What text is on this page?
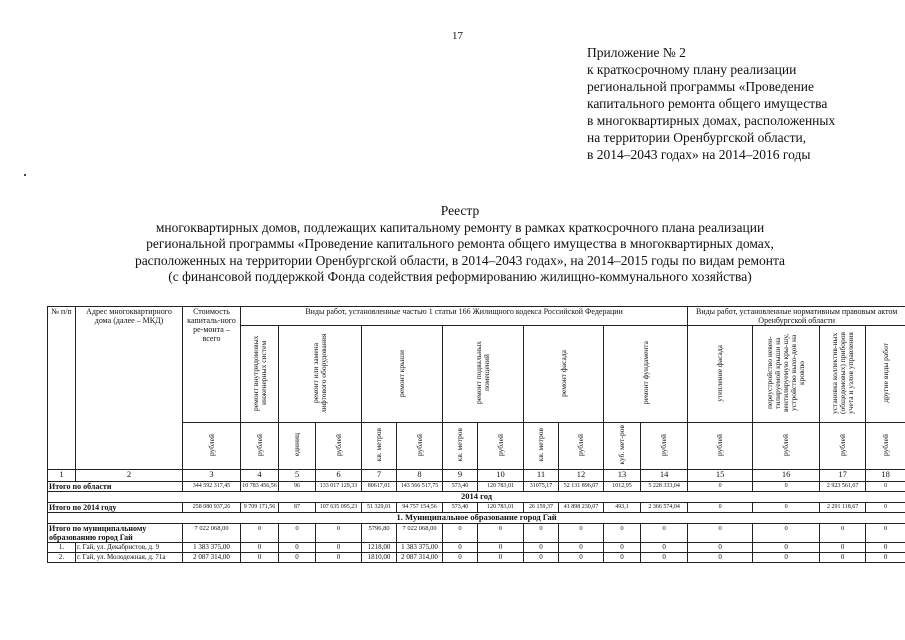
17
Приложение № 2
к краткосрочному плану реализации
региональной программы «Проведение
капитального ремонта общего имущества
в многоквартирных домах, расположенных
на территории Оренбургской области,
в 2014–2043 годах» на 2014–2016 годы
Реестр
многоквартирных домов, подлежащих капитальному ремонту в рамках краткосрочного плана реализации
региональной программы «Проведение капитального ремонта общего имущества в многоквартирных домах,
расположенных на территории Оренбургской области, в 2014–2043 годах», на 2014–2015 годы по видам ремонта
(с финансовой поддержкой Фонда содействия реформированию жилищно-коммунального хозяйства)
№ п/п	Адрес многоквартирного дома (далее – МКД)	Стоимость капиталь-ного ре-монта – всего	Виды работ, установленные частью 1 статьи 166 Жилищного кодекса Российской Федерации											Виды работ, установленные нормативным правовым актом Оренбургской области			
			ремонт внутридомовых инженерных систем	ремонт или замена лифтового оборудования		ремонт крыши		ремонт подвальных помещений		ремонт фасада		ремонт фундамента		утепление фасада	переустройство невен-тилируемой крыши на вентилируемую кры-шу, устройство выхо-дов на кровлю	установка коллектив-ных (общедомовых) приборов учета и узлов управления	другие виды работ
		рублей	рублей	единиц	рублей	кв. метров	рублей	кв. метров	рублей	кв. метров	рублей	куб. мет-ров	рублей	рублей	рублей	рублей	рублей
1	2	3	4	5	6	7	8	9	10	11	12	13	14	15	16	17	18
Итого по области		344 592 317,45	10 783 456,56	96	133 017 129,33	80617,01	143 566 517,75	573,40	120 783,01	31075,17	52 131 896,07	1012,95	5 228 333,04	0	0	2 923 561,67	0
2014 год																	
Итого по 2014 году		258 080 937,26	9 709 171,56	87	107 635 095,23	51 329,01	94 757 154,56	573,40	120 783,01	26 159,37	41 898 230,07	493,1	2 366 574,04	0	0	2 291 118,67	0
1. Муниципальное образование город Гай																	
Итого по муниципальному образованию город Гай		7 022 068,00	0	0	0	5796,80	7 022 068,00	0	0	0	0	0	0	0	0	0	0
1.	г. Гай, ул. Декабристов, д. 9	1 383 375,00	0	0	0	1218,00	1 383 375,00	0	0	0	0	0	0	0	0	0	0
2.	г. Гай, ул. Молодежная, д. 71а	2 087 314,00	0	0	0	1810,00	2 087 314,00	0	0	0	0	0	0	0	0	0	0
